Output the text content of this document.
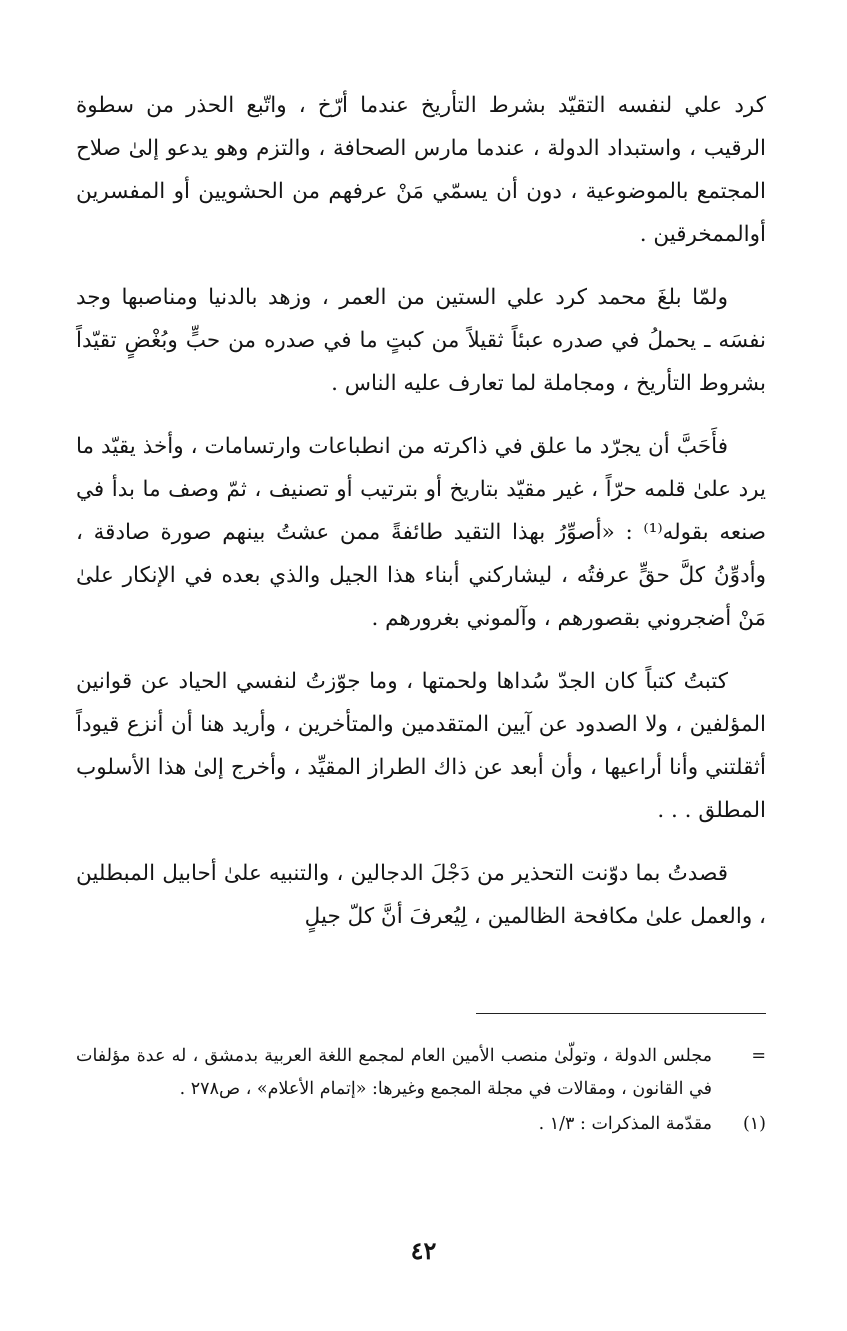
كرد علي لنفسه التقيّد بشرط التأريخ عندما أرّخ ، واتّبع الحذر من سطوة الرقيب ، واستبداد الدولة ، عندما مارس الصحافة ، والتزم وهو يدعو إلىٰ صلاح المجتمع بالموضوعية ، دون أن يسمّي مَنْ عرفهم من الحشويين أو المفسرين أوالممخرقين .

ولمّا بلغَ محمد كرد علي الستين من العمر ، وزهد بالدنيا ومناصبها وجد نفسَه ـ يحملُ في صدره عبئاً ثقيلاً من كبتٍ ما في صدره من حبٍّ وبُغْضٍ تقيّداً بشروط التأريخ ، ومجاملة لما تعارف عليه الناس .

فأَحَبَّ أن يجرّد ما علق في ذاكرته من انطباعات وارتسامات ، وأخذ يقيّد ما يرد علىٰ قلمه حرّاً ، غير مقيّد بتاريخ أو بترتيب أو تصنيف ، ثمّ وصف ما بدأ في صنعه بقوله⁽¹⁾ : «أصوِّرُ بهذا التقيد طائفةً ممن عشتُ بينهم صورة صادقة ، وأدوِّنُ كلَّ حقٍّ عرفتُه ، ليشاركني أبناء هذا الجيل والذي بعده في الإنكار علىٰ مَنْ أضجروني بقصورهم ، وآلموني بغرورهم .

كتبتُ كتباً كان الجدّ سُداها ولحمتها ، وما جوّزتُ لنفسي الحياد عن قوانين المؤلفين ، ولا الصدود عن آيين المتقدمين والمتأخرين ، وأريد هنا أن أنزع قيوداً أثقلتني وأنا أراعيها ، وأن أبعد عن ذاك الطراز المقيِّد ، وأخرج إلىٰ هذا الأسلوب المطلق . . .

قصدتُ بما دوّنت التحذير من دَجْلَ الدجالين ، والتنبيه علىٰ أحابيل المبطلين ، والعمل علىٰ مكافحة الظالمين ، لِيُعرفَ أنَّ كلّ جيلٍ

=
مجلس الدولة ، وتولّىٰ منصب الأمين العام لمجمع اللغة العربية بدمشق ، له عدة مؤلفات في القانون ، ومقالات في مجلة المجمع وغيرها: «إتمام الأعلام» ، ص٢٧٨ .
(١)
مقدّمة المذكرات : ١/٣ .
٤٢
